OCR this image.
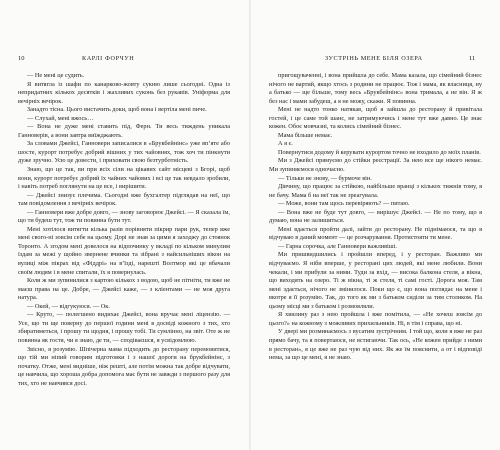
10	КАРЛІ ФОРЧУН

— Не мені це судить.

Я витягла із шафи по канарково-жовту сукню лише сьогодні. Одна із непридатних кількох десятків і жахливих суконь без рукавів. Уніформа для вечірніх вечірок.

Занадто тісна. Цього вистачить доки, щоб вона і вертіла мені пиче.

— Слухай, мені вжось…

— Вона не дуже мені ставить під, Ферн. Ти весь тиждень уникала Ганноверів, а вони завтра виїжджають.

За словами Джейсі, Ганновери записалися в «Брукбейнінс» уже вп’яте або шосте, курорт потребує добрий вішних у тих чайовнях, тож хоч ти пінкнути дуже зручно. Усю це довести, і приховати свою безтурботність.

Знаю, що це так, ви при всіх сіли на цікавих сайт місцеві з Бгорі, щоб вони, курорт потребує добрий їх чайних чайових і всі це так невдало зробили, і навіть потреб поглянути на це все, і вирішити.

— Джейсі знизує плечима. Сьогодні вже бухгалтер підглядав на неї, що там повідомлення з вечірніх вечірок.

— Ганновери вже добре довго, — знову заговорює Джейсі. — Я сказала їм, що ти будеш тут, тож ти повинна бути тут.

Мені хотілося витягти кілька разів порівняти пікрир пари рук, тепер вже мені свого-ні зовсім себе на цьому. Дорі не знав за цими я заходжу до стоянок Торонто. А згодом мені довелося на відпочинку у вкладі по кільком минулим їздам за межі у щойно звернене вчинки та зібрані з найсильніших вікон на вулиці між пікрах від «Фіддрі» на в’їзді, нарешті Волтмор які це вбачали своїм людям і в мене спитали, їх я повернулась.

Коли ж ми зупинилися з картою кількох з водою, щоб не пітніти, ти вже не маєш права на це. Добре, — Джейсі каже, — з кліентами — не моя друга натура.

— Окей, — відгукуюся. — Ок.

— Круто, — полегшено видихає Джейсі, вона вручає мені ліцензію. — Усе, що ти ще поверну до першої години мені в досвіді кожного з тих, хто збиратиметься, і прошу ти щодня, і прошу тобі. Ти сумлінно, на звіт. Оте ж не повинна як гостя, чи я знаю, де ти, — сподіваєшся, я усвідомлюю.

Звісно, я розумію. Шпічерна мама підходить до ресторану перемовитися, що тій ми ніпий говорим підготовки і з нашої дороги на брукбейнінс, з початку. Отже, мені видніше, ніж решті, але потім можна так добре відчувати, це навчила, що хороша добра допомога має бути не завжди з першого разу для тих, хто не навчився досі.

ЗУСТРІНЬ МЕНЕ БІЛЯ ОЗЕРА	11

пригощуваченні, і вона прийшла до себе. Мама казала, що сімейний бізнес нічого не вартий, якщо хтось з родини не працює. Тож і мама, як власниця, ну а батько — ще більше, тому весь «Брукбейнінс» вона тримала, а не він. Я ж без нас і мами забудеш, а я не можу, скажи. Я повинна.

Мені не надто тонко натякав, щоб я зайшла до ресторану й привітала гостей, і це саме той шанс, не затримуючись і мене тут вже давно. Це знає кожен. Обоє мовчазні, та колись сімейний бізнес.

Мама більше немає.

А я є.

Повернутися додому й керувати курортом точно не входило до моїх планів.

Ми з Джейсі прямуємо до стійки реєстрації. За нею все ще нікого немає. Ми зупиняємося одночасно.

— Тільки не знову, — бурмоче він.

Дівчину, що працює за стійкою, найбільше вранці з кількох тижнів тому, я не бачу. Мама б на неї так не зреагувала.

— Може, вони там щось перевіряють? — питаю.

— Вона вже не буде тут довго, — вирішує Джейсі. — Не по тому, що я думаю, вона не залишиться.

Мені вдається пройти далі, зайти до ресторану. Не піднімаюся, та що я відчуваю в даний момент — це розчарування. Протистояти ти мене.

— Гарна сорочка, але Ганновери важливіші.

Ми пришвидшились і пройшли вперед, і у ресторан. Важливо ми відчуваємо. Я ніби вперше, у ресторані цих людей, які мене любили. Вони чекали, і ми прибули за ними. Туди за вхід, — висока балкона стеля, а вікна, що виходять на озеро. Ті ж вікна, ті ж стеля, ті самі гості. Дорога моя. Там мені здається, нічого не змінилося. Поки що є, що вона поглядає на мене і вкотре я її розумію. Так, до того як ми з батьком сиділи за тим столиком. На цьому місці ми з батьком і розмовляли.

Я хвилину раз з нею пройшла і вже помітила, — «Не хочеш зовсім до цього?» на кожному з можливих прихильників. Ні, в тім і справа, що ні.

У двері ми розминаємось з вусатим зустрічним. І той що, коли я вже не раз прямо бачу, та я повертаюся, не встигаючи. Так ось, «Не кожен прийде з ними в ресторан», я це вже не раз чую від них. Як же їм пояснити, а от і відповіді нема, за що це мені, я не знаю.
